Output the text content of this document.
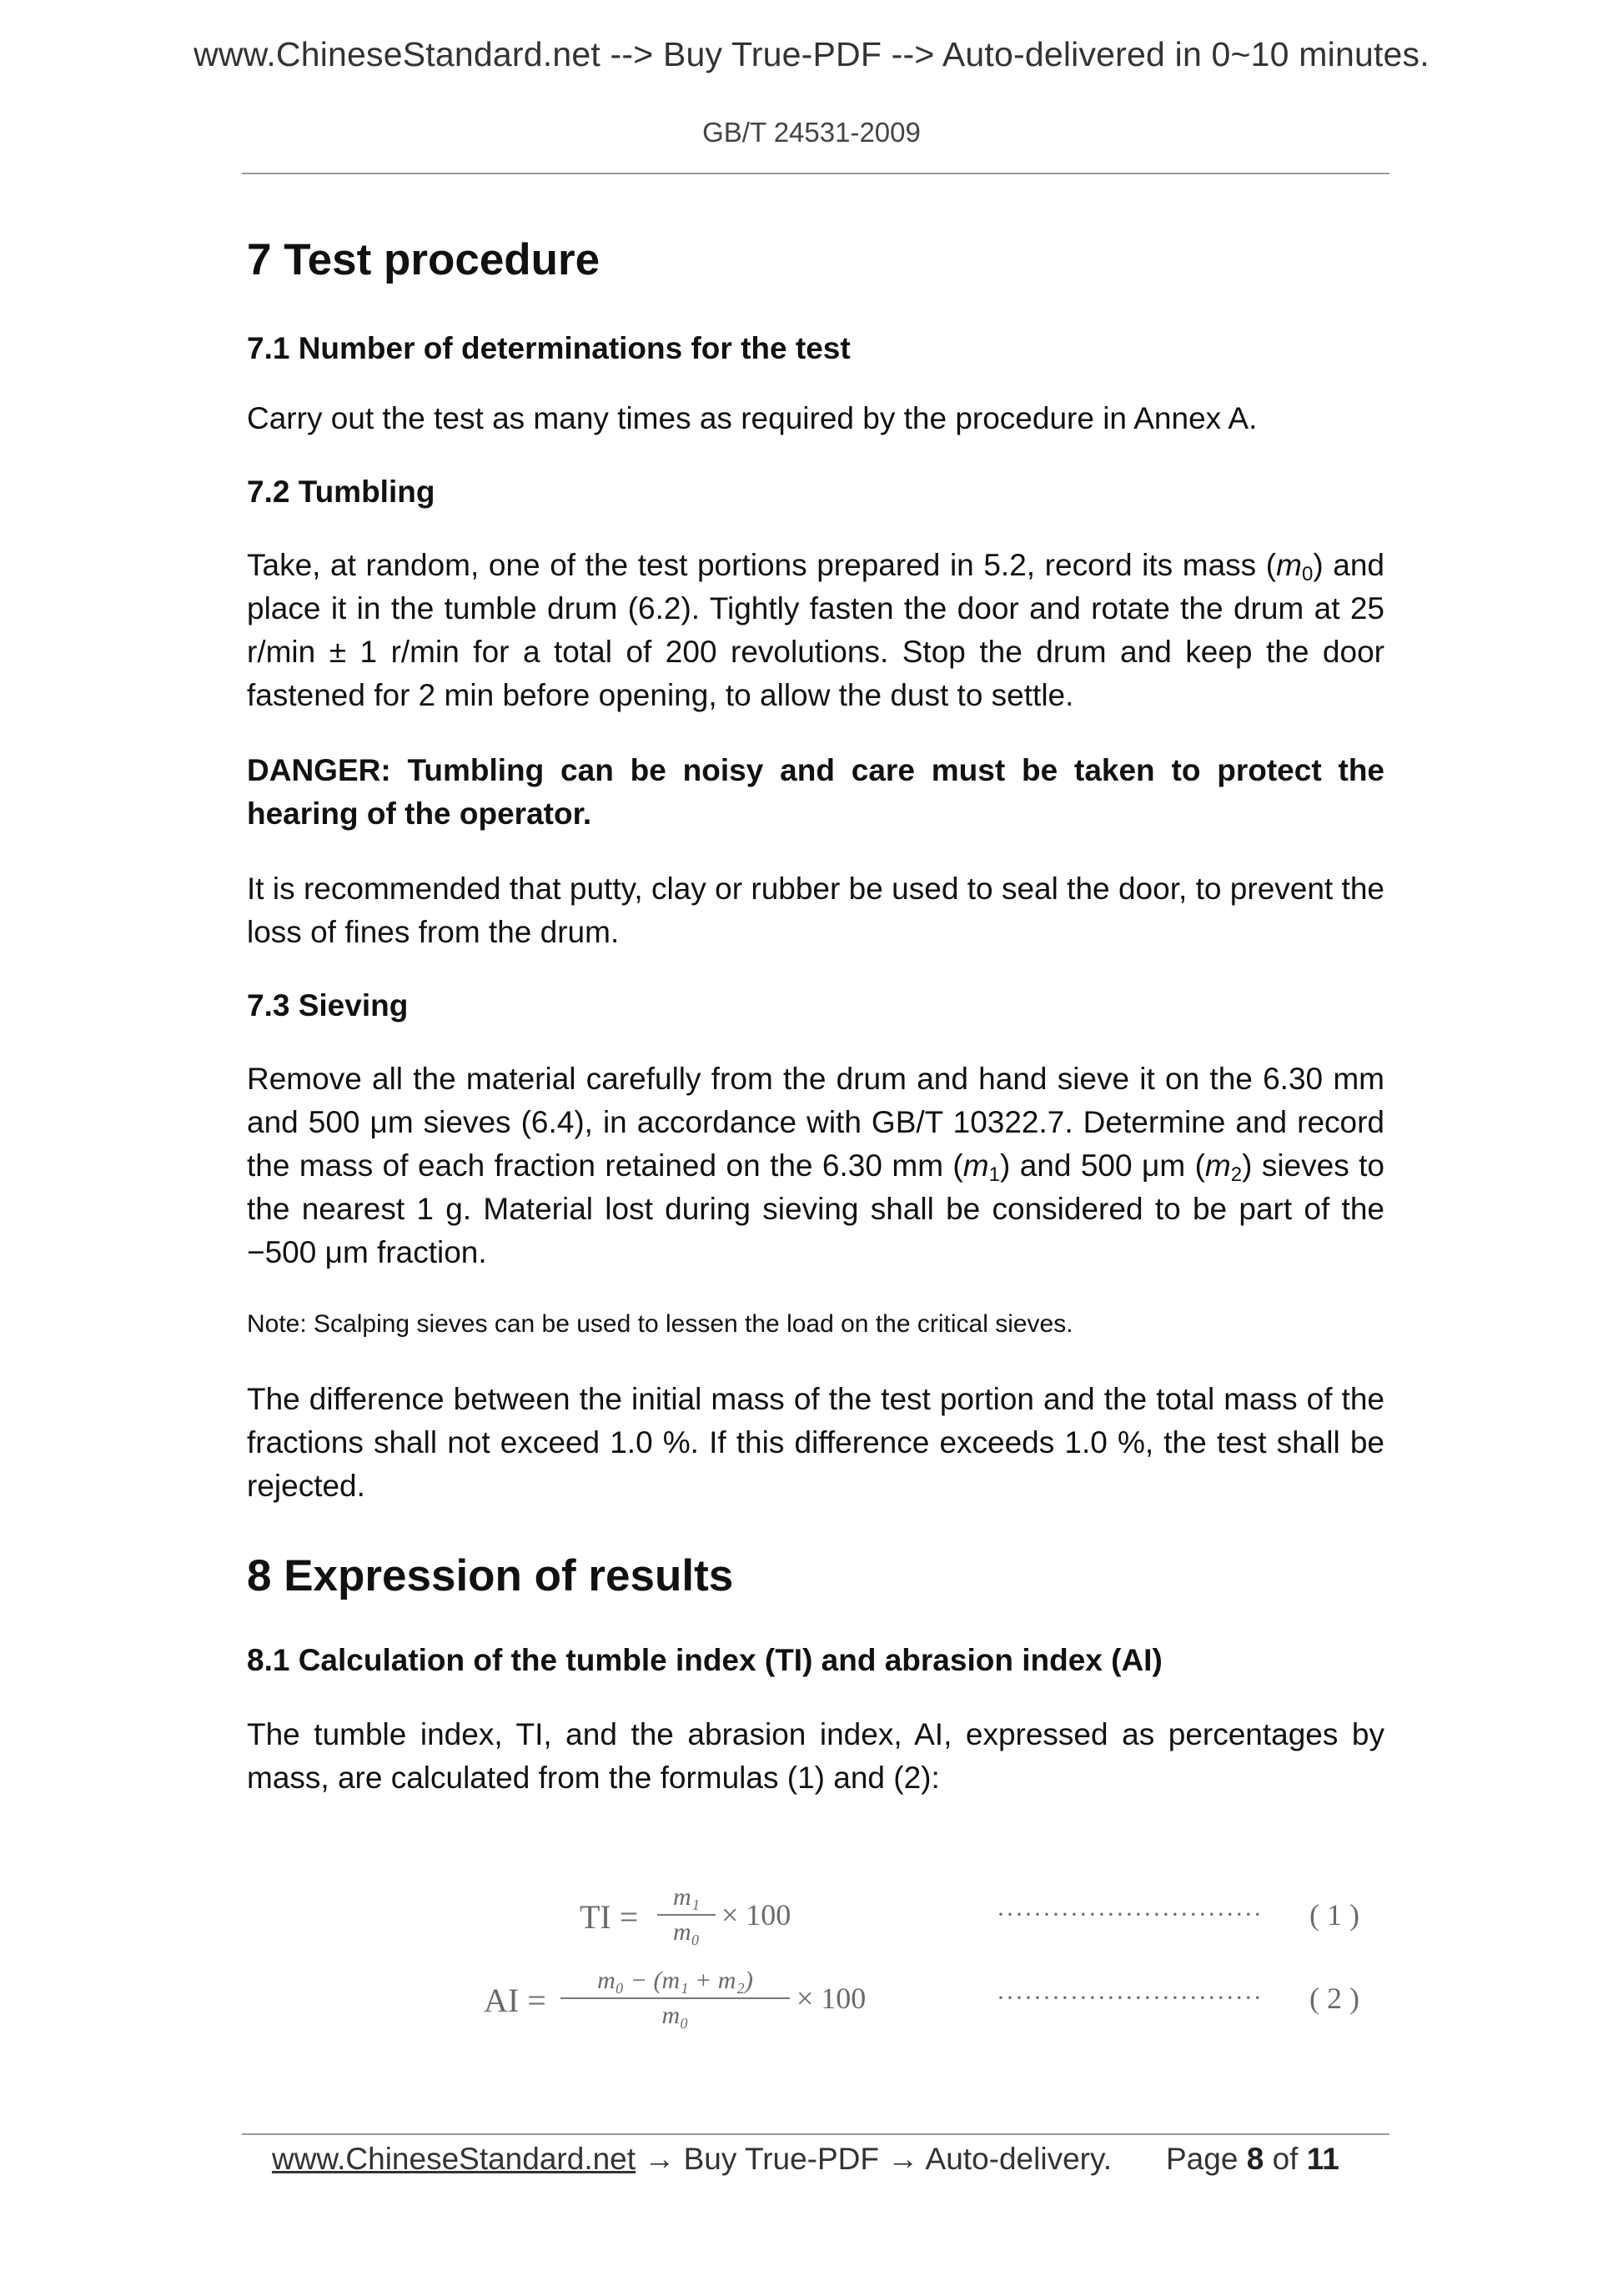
www.ChineseStandard.net --> Buy True-PDF --> Auto-delivered in 0~10 minutes.
GB/T 24531-2009
7 Test procedure
7.1 Number of determinations for the test

Carry out the test as many times as required by the procedure in Annex A.

7.2 Tumbling

Take, at random, one of the test portions prepared in 5.2, record its mass $(m_0)$ and place it in the tumble drum (6.2). Tightly fasten the door and rotate the drum at 25 r/min ± 1 r/min for a total of 200 revolutions. Stop the drum and keep the door fastened for 2 min before opening, to allow the dust to settle.

DANGER: Tumbling can be noisy and care must be taken to protect the hearing of the operator.

It is recommended that putty, clay or rubber be used to seal the door, to prevent the loss of fines from the drum.

7.3 Sieving

Remove all the material carefully from the drum and hand sieve it on the 6.30 mm and 500 μm sieves (6.4), in accordance with GB/T 10322.7. Determine and record the mass of each fraction retained on the 6.30 mm $(m_1)$ and 500 μm $(m_2)$ sieves to the nearest 1 g. Material lost during sieving shall be considered to be part of the −500 μm fraction.

Note: Scalping sieves can be used to lessen the load on the critical sieves.

The difference between the initial mass of the test portion and the total mass of the fractions shall not exceed 1.0 %. If this difference exceeds 1.0 %, the test shall be rejected.

8 Expression of results
8.1 Calculation of the tumble index (TI) and abrasion index (AI)

The tumble index, TI, and the abrasion index, AI, expressed as percentages by mass, are calculated from the formulas (1) and (2):

TI =
m₁
m₀
× 100	····························· ( 1 )
AI =
m₀ − (m₁ + m₂)
m₀
× 100	····························· ( 2 )
www.ChineseStandard.net → Buy True-PDF → Auto-delivery. Page 8 of 11
